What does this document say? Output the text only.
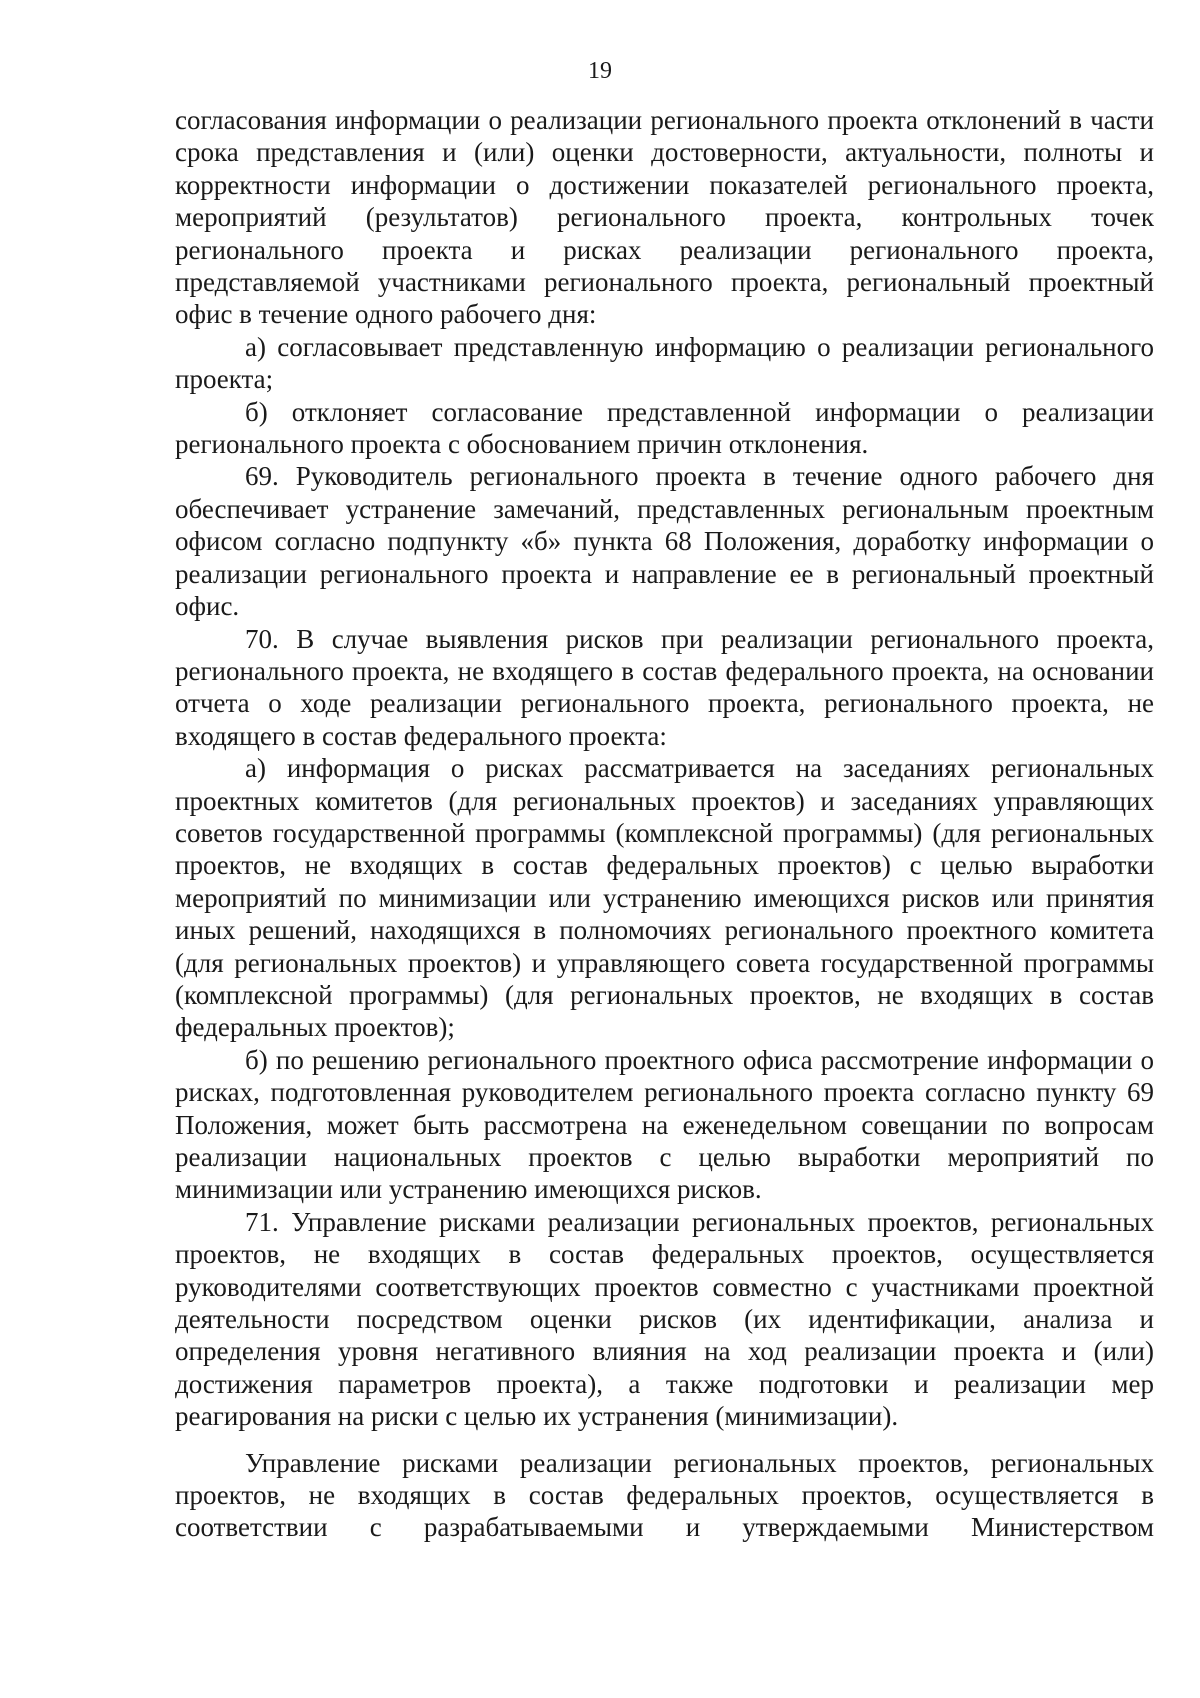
19

согласования информации о реализации регионального проекта отклонений в части срока представления и (или) оценки достоверности, актуальности, полноты и корректности информации о достижении показателей регионального проекта, мероприятий (результатов) регионального проекта, контрольных точек регионального проекта и рисках реализации регионального проекта, представляемой участниками регионального проекта, региональный проектный офис в течение одного рабочего дня:

а) согласовывает представленную информацию о реализации регионального проекта;

б) отклоняет согласование представленной информации о реализации регионального проекта с обоснованием причин отклонения.

69. Руководитель регионального проекта в течение одного рабочего дня обеспечивает устранение замечаний, представленных региональным проектным офисом согласно подпункту «б» пункта 68 Положения, доработку информации о реализации регионального проекта и направление ее в региональный проектный офис.

70. В случае выявления рисков при реализации регионального проекта, регионального проекта, не входящего в состав федерального проекта, на основании отчета о ходе реализации регионального проекта, регионального проекта, не входящего в состав федерального проекта:

а) информация о рисках рассматривается на заседаниях региональных проектных комитетов (для региональных проектов) и заседаниях управляющих советов государственной программы (комплексной программы) (для региональных проектов, не входящих в состав федеральных проектов) с целью выработки мероприятий по минимизации или устранению имеющихся рисков или принятия иных решений, находящихся в полномочиях регионального проектного комитета (для региональных проектов) и управляющего совета государственной программы (комплексной программы) (для региональных проектов, не входящих в состав федеральных проектов);

б) по решению регионального проектного офиса рассмотрение информации о рисках, подготовленная руководителем регионального проекта согласно пункту 69 Положения, может быть рассмотрена на еженедельном совещании по вопросам реализации национальных проектов с целью выработки мероприятий по минимизации или устранению имеющихся рисков.

71. Управление рисками реализации региональных проектов, региональных проектов, не входящих в состав федеральных проектов, осуществляется руководителями соответствующих проектов совместно с участниками проектной деятельности посредством оценки рисков (их идентификации, анализа и определения уровня негативного влияния на ход реализации проекта и (или) достижения параметров проекта), а также подготовки и реализации мер реагирования на риски с целью их устранения (минимизации).

Управление рисками реализации региональных проектов, региональных проектов, не входящих в состав федеральных проектов, осуществляется в соответствии с разрабатываемыми и утверждаемыми Министерством
